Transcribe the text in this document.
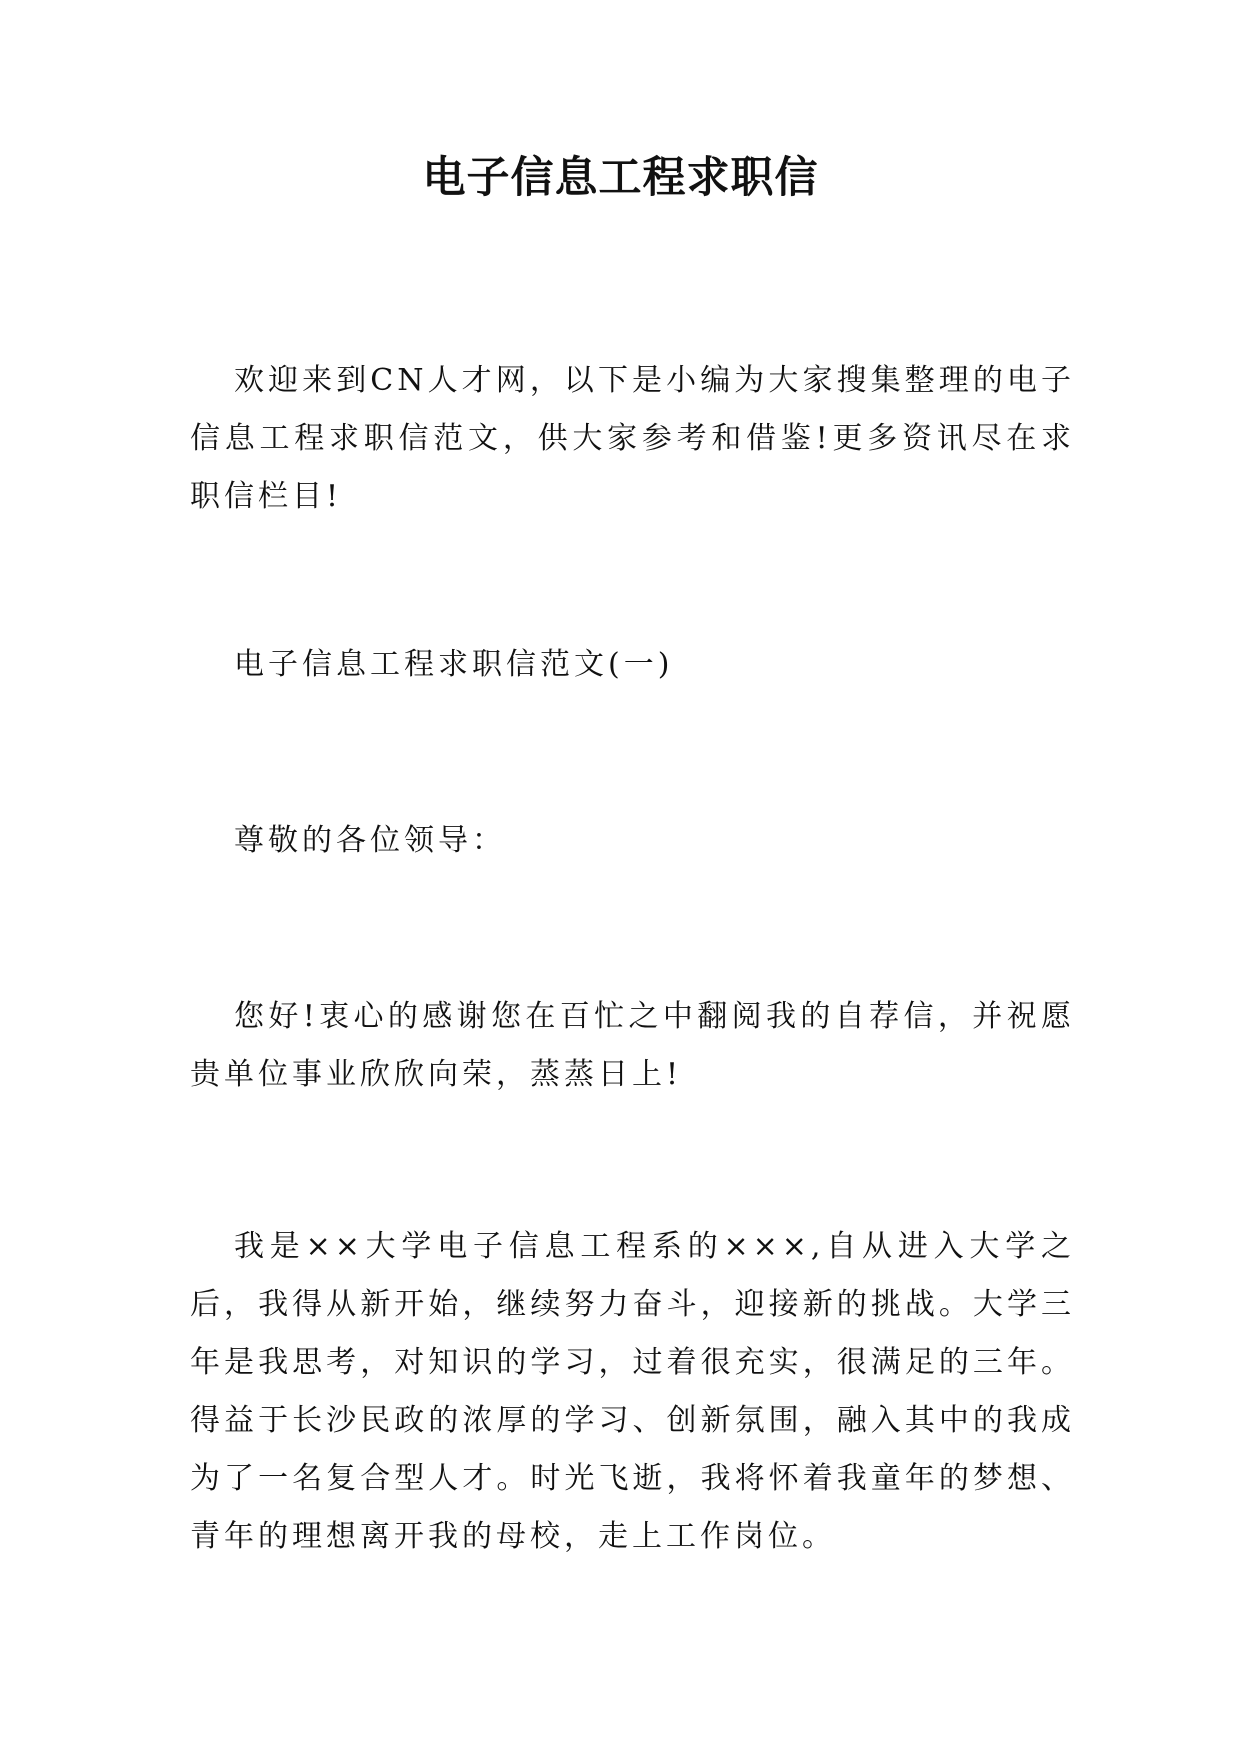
电子信息工程求职信

欢迎来到CN人才网，以下是小编为大家搜集整理的电子信息工程求职信范文，供大家参考和借鉴!更多资讯尽在求职信栏目!

电子信息工程求职信范文(一)

尊敬的各位领导：

您好!衷心的感谢您在百忙之中翻阅我的自荐信，并祝愿贵单位事业欣欣向荣，蒸蒸日上!

我是××大学电子信息工程系的×××,自从进入大学之后，我得从新开始，继续努力奋斗，迎接新的挑战。大学三年是我思考，对知识的学习，过着很充实，很满足的三年。得益于长沙民政的浓厚的学习、创新氛围，融入其中的我成为了一名复合型人才。时光飞逝，我将怀着我童年的梦想、青年的理想离开我的母校，走上工作岗位。
